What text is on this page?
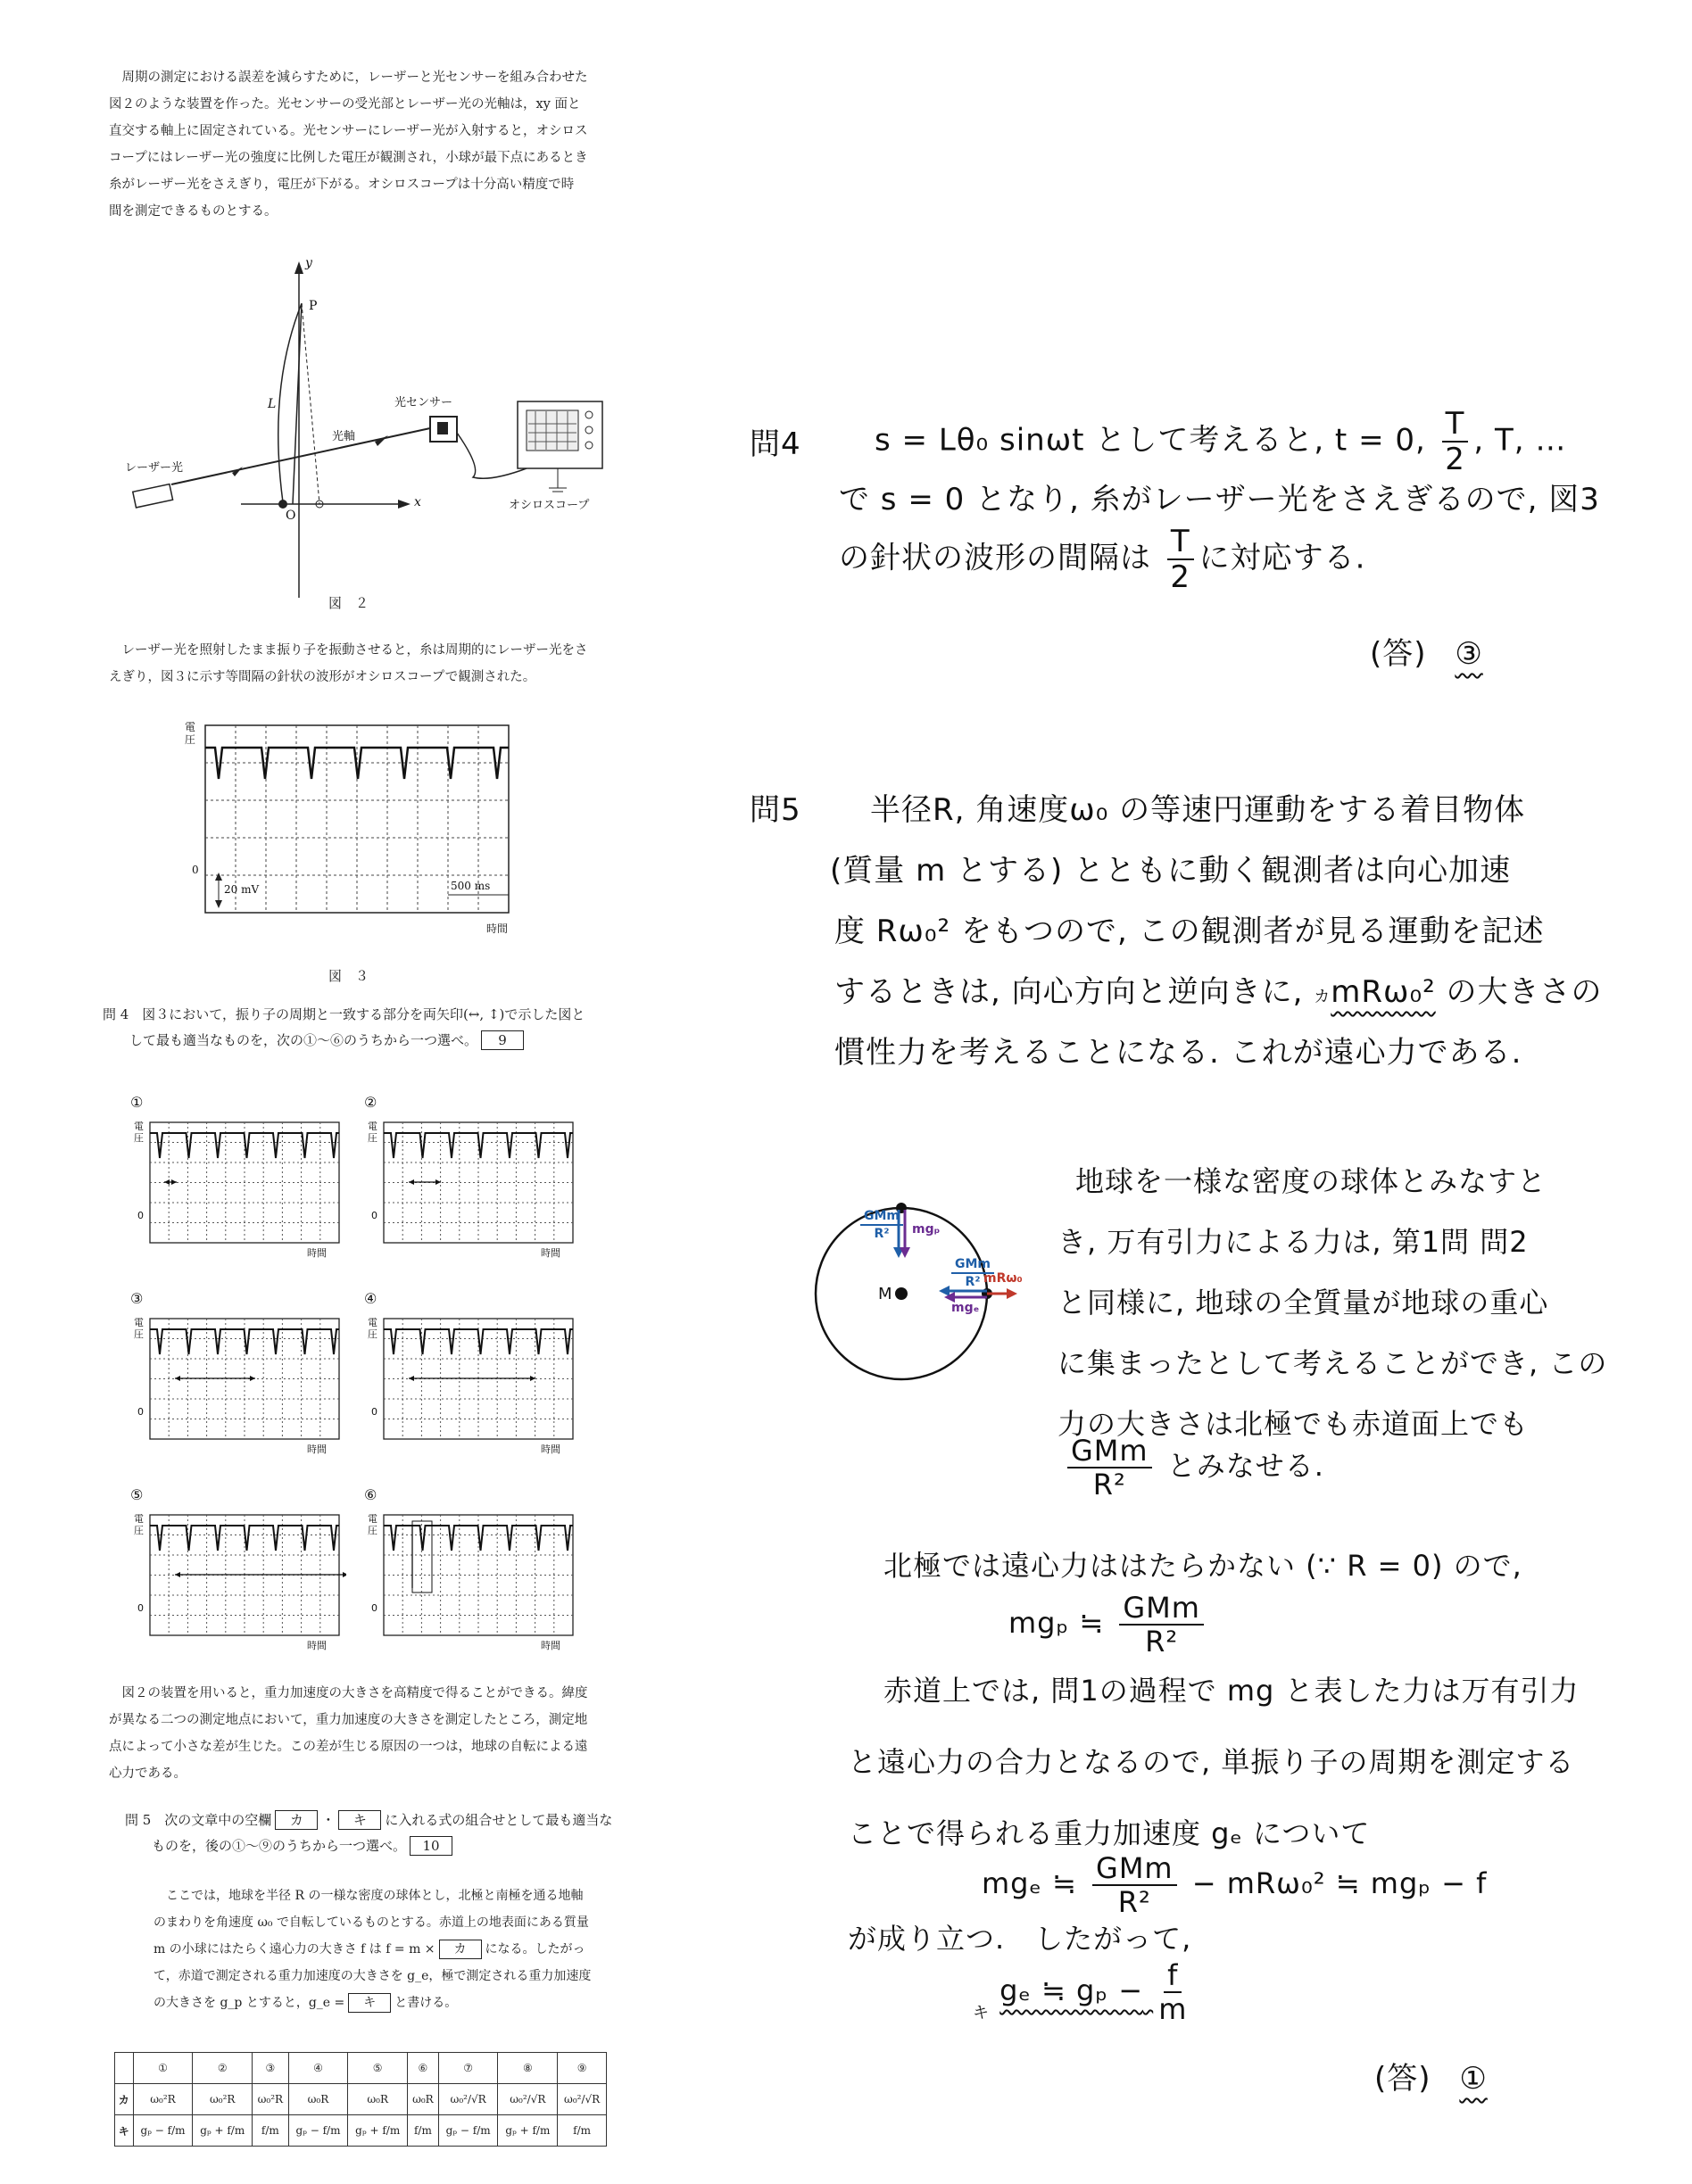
周期の測定における誤差を減らすために，レーザーと光センサーを組み合わせた
図２のような装置を作った。光センサーの受光部とレーザー光の光軸は，xy 面と
直交する軸上に固定されている。光センサーにレーザー光が入射すると，オシロス
コープにはレーザー光の強度に比例した電圧が観測され，小球が最下点にあるとき
糸がレーザー光をさえぎり，電圧が下がる。オシロスコープは十分高い精度で時
間を測定できるものとする。
y
P
L
光軸
光センサー
レーザー光
O
x	オシロスコープ
図　２
レーザー光を照射したまま振り子を振動させると，糸は周期的にレーザー光をさ
えぎり，図３に示す等間隔の針状の波形がオシロスコープで観測された。
電
圧
0
20 mV	500 ms
時間
図　３
問 4　図３において，振り子の周期と一致する部分を両矢印(↔, ↕)で示した図と
して最も適当なものを，次の①～⑥のうちから一つ選べ。 9
①
電
圧
0
時間
②
電
圧
0
時間
③
電
圧
0
時間
④
電
圧
0
時間
⑤
電
圧
0
時間
⑥
電
圧
0
時間
図２の装置を用いると，重力加速度の大きさを高精度で得ることができる。緯度
が異なる二つの測定地点において，重力加速度の大きさを測定したところ，測定地
点によって小さな差が生じた。この差が生じる原因の一つは，地球の自転による遠
心力である。
問 5　次の文章中の空欄 カ ・ キ に入れる式の組合せとして最も適当な
ものを，後の①～⑨のうちから一つ選べ。 10
ここでは，地球を半径 R の一様な密度の球体とし，北極と南極を通る地軸
のまわりを角速度 ω₀ で自転しているものとする。赤道上の地表面にある質量
m の小球にはたらく遠心力の大きさ f は f = m × カ になる。したがっ
て，赤道で測定される重力加速度の大きさを g_e，極で測定される重力加速度
の大きさを g_p とすると，g_e = キ と書ける。
	①	②	③	④	⑤	⑥	⑦	⑧	⑨
カ	ω₀²R	ω₀²R	ω₀²R	ω₀R	ω₀R	ω₀R	ω₀²/√R	ω₀²/√R	ω₀²/√R
キ	gₚ − f/m	gₚ + f/m	f/m	gₚ − f/m	gₚ + f/m	f/m	gₚ − f/m	gₚ + f/m	f/m
問4 s = Lθ₀ sinωt として考えると, t = 0, $\frac{T}{2}$ , T, …
で s = 0 となり, 糸がレーザー光をさえぎるので, 図3
の針状の波形の間隔は $\frac{T}{2}$ に対応する.
(答) ③
問5 半径R, 角速度ω₀ の等速円運動をする着目物体
(質量 m とする) とともに動く観測者は向心加速
度 Rω₀² をもつので, この観測者が見る運動を記述
するときは, 向心方向と逆向きに, カmRω₀² の大きさの
慣性力を考えることになる. これが遠心力である.
$\frac{\text{GMm}}{\text{R²}}$ mgₚ
M
$\frac{\text{GMm}}{\text{R²}}$
mRω₀
mgₑ
地球を一様な密度の球体とみなすと
き, 万有引力による力は, 第1問 問2
と同様に, 地球の全質量が地球の重心
に集まったとして考えることができ, この
力の大きさは北極でも赤道面上でも
$\frac{\text{GMm}}{\text{R²}}$ とみなせる.
北極では遠心力ははたらかない (∵ R = 0) ので,
mgₚ ≒ $\frac{\text{GMm}}{\text{R²}}$
赤道上では, 問1の過程で mg と表した力は万有引力
と遠心力の合力となるので, 単振り子の周期を測定する
ことで得られる重力加速度 gₑ について
mgₑ ≒ $\frac{\text{GMm}}{\text{R²}} - mR\omega_0^2$ ≒ mgₚ − f
が成り立つ.　したがって,
キ gₑ ≒ $g_p - \frac{f}{m}$
(答) ①
